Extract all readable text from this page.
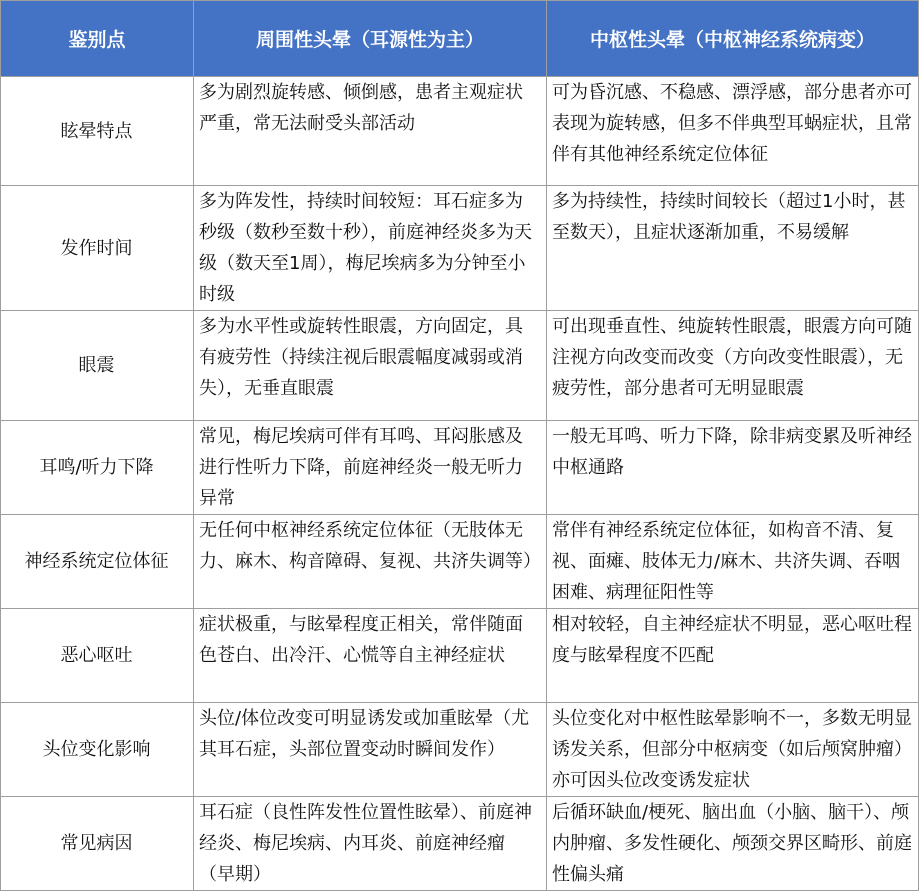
鉴别点	周围性头晕（耳源性为主）	中枢性头晕（中枢神经系统病变）
眩晕特点	多为剧烈旋转感、倾倒感，患者主观症状严重，常无法耐受头部活动	可为昏沉感、不稳感、漂浮感，部分患者亦可表现为旋转感，但多不伴典型耳蜗症状，且常伴有其他神经系统定位体征
发作时间	多为阵发性，持续时间较短：耳石症多为秒级（数秒至数十秒），前庭神经炎多为天级（数天至1周），梅尼埃病多为分钟至小时级	多为持续性，持续时间较长（超过1小时，甚至数天），且症状逐渐加重，不易缓解
眼震	多为水平性或旋转性眼震，方向固定，具有疲劳性（持续注视后眼震幅度减弱或消失），无垂直眼震	可出现垂直性、纯旋转性眼震，眼震方向可随注视方向改变而改变（方向改变性眼震），无疲劳性，部分患者可无明显眼震
耳鸣/听力下降	常见，梅尼埃病可伴有耳鸣、耳闷胀感及进行性听力下降，前庭神经炎一般无听力异常	一般无耳鸣、听力下降，除非病变累及听神经中枢通路
神经系统定位体征	无任何中枢神经系统定位体征（无肢体无力、麻木、构音障碍、复视、共济失调等）	常伴有神经系统定位体征，如构音不清、复视、面瘫、肢体无力/麻木、共济失调、吞咽困难、病理征阳性等
恶心呕吐	症状极重，与眩晕程度正相关，常伴随面色苍白、出冷汗、心慌等自主神经症状	相对较轻，自主神经症状不明显，恶心呕吐程度与眩晕程度不匹配
头位变化影响	头位/体位改变可明显诱发或加重眩晕（尤其耳石症，头部位置变动时瞬间发作）	头位变化对中枢性眩晕影响不一，多数无明显诱发关系，但部分中枢病变（如后颅窝肿瘤）亦可因头位改变诱发症状
常见病因	耳石症（良性阵发性位置性眩晕）、前庭神经炎、梅尼埃病、内耳炎、前庭神经瘤（早期）	后循环缺血/梗死、脑出血（小脑、脑干）、颅内肿瘤、多发性硬化、颅颈交界区畸形、前庭性偏头痛
